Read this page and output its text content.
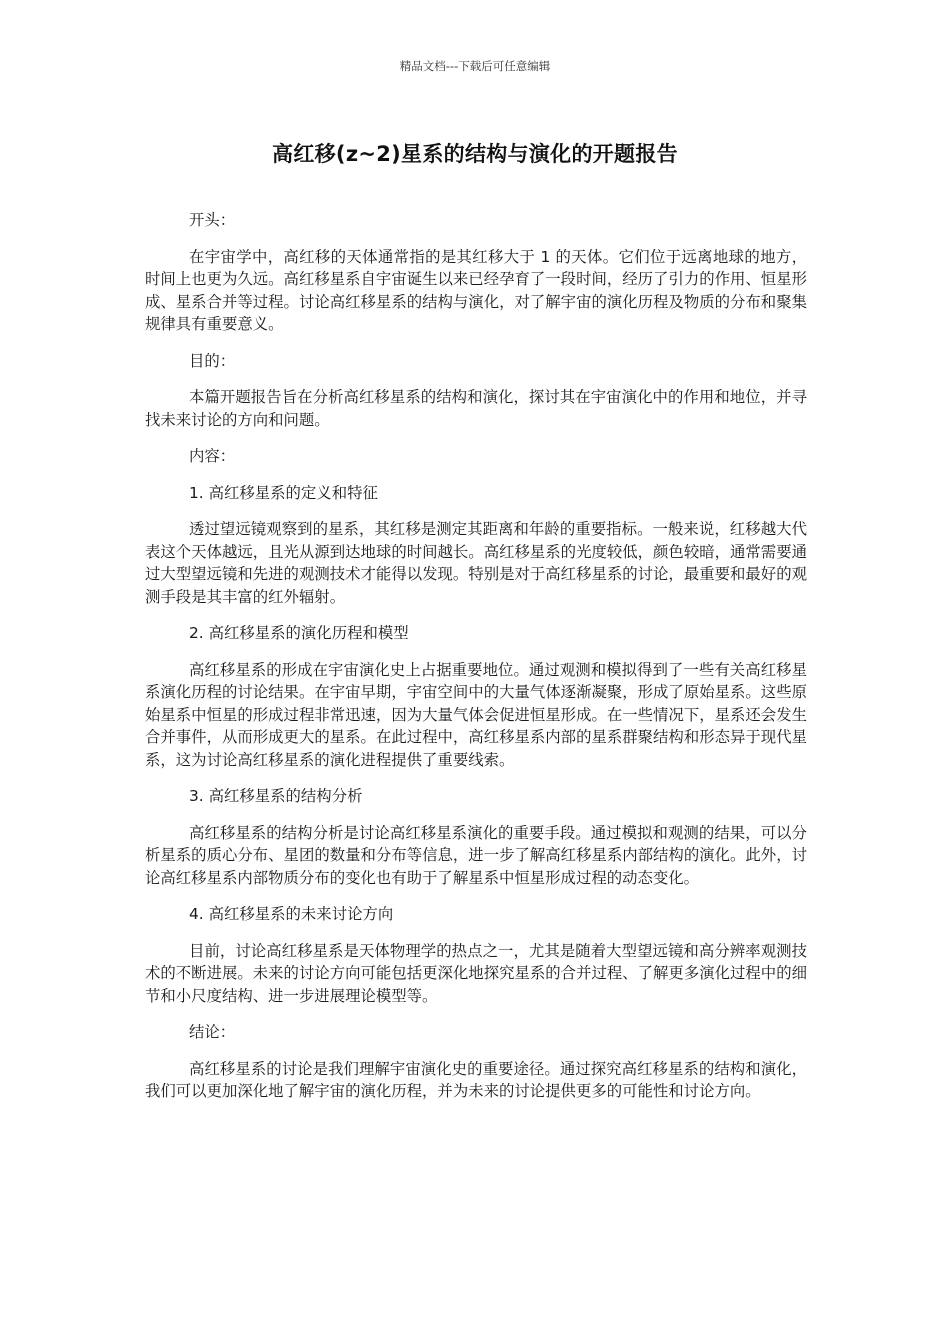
精品文档---下载后可任意编辑
高红移(z~2)星系的结构与演化的开题报告

开头：

在宇宙学中，高红移的天体通常指的是其红移大于 1 的天体。它们位于远离地球的地方，时间上也更为久远。高红移星系自宇宙诞生以来已经孕育了一段时间，经历了引力的作用、恒星形成、星系合并等过程。讨论高红移星系的结构与演化，对了解宇宙的演化历程及物质的分布和聚集规律具有重要意义。

目的：

本篇开题报告旨在分析高红移星系的结构和演化，探讨其在宇宙演化中的作用和地位，并寻找未来讨论的方向和问题。

内容：

1. 高红移星系的定义和特征

透过望远镜观察到的星系，其红移是测定其距离和年龄的重要指标。一般来说，红移越大代表这个天体越远，且光从源到达地球的时间越长。高红移星系的光度较低，颜色较暗，通常需要通过大型望远镜和先进的观测技术才能得以发现。特别是对于高红移星系的讨论，最重要和最好的观测手段是其丰富的红外辐射。

2. 高红移星系的演化历程和模型

高红移星系的形成在宇宙演化史上占据重要地位。通过观测和模拟得到了一些有关高红移星系演化历程的讨论结果。在宇宙早期，宇宙空间中的大量气体逐渐凝聚，形成了原始星系。这些原始星系中恒星的形成过程非常迅速，因为大量气体会促进恒星形成。在一些情况下，星系还会发生合并事件，从而形成更大的星系。在此过程中，高红移星系内部的星系群聚结构和形态异于现代星系，这为讨论高红移星系的演化进程提供了重要线索。

3. 高红移星系的结构分析

高红移星系的结构分析是讨论高红移星系演化的重要手段。通过模拟和观测的结果，可以分析星系的质心分布、星团的数量和分布等信息，进一步了解高红移星系内部结构的演化。此外，讨论高红移星系内部物质分布的变化也有助于了解星系中恒星形成过程的动态变化。

4. 高红移星系的未来讨论方向

目前，讨论高红移星系是天体物理学的热点之一，尤其是随着大型望远镜和高分辨率观测技术的不断进展。未来的讨论方向可能包括更深化地探究星系的合并过程、了解更多演化过程中的细节和小尺度结构、进一步进展理论模型等。

结论：

高红移星系的讨论是我们理解宇宙演化史的重要途径。通过探究高红移星系的结构和演化，我们可以更加深化地了解宇宙的演化历程，并为未来的讨论提供更多的可能性和讨论方向。
